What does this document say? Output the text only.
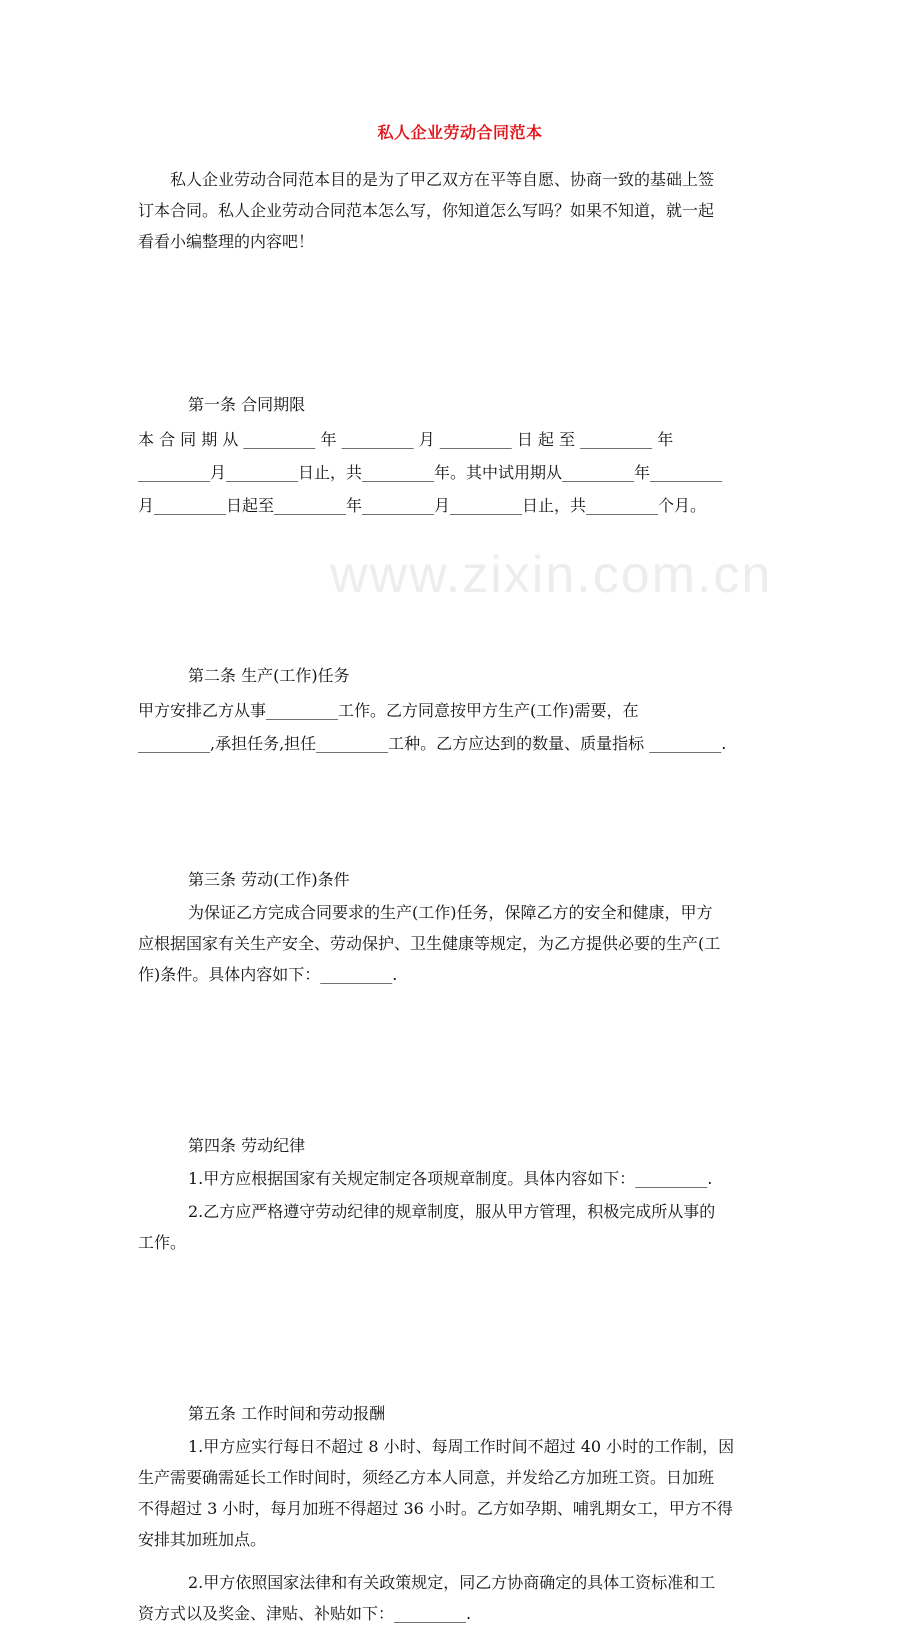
www.zixin.com.cn
私人企业劳动合同范本
私人企业劳动合同范本目的是为了甲乙双方在平等自愿、协商一致的基础上签
订本合同。私人企业劳动合同范本怎么写，你知道怎么写吗？如果不知道，就一起
看看小编整理的内容吧！
第一条 合同期限
本 合 同 期 从 _________ 年 _________ 月 _________ 日 起 至 _________ 年
_________月_________日止，共_________年。其中试用期从_________年_________
月_________日起至_________年_________月_________日止，共_________个月。
第二条 生产(工作)任务
甲方安排乙方从事_________工作。乙方同意按甲方生产(工作)需要，在
_________,承担任务,担任_________工种。乙方应达到的数量、质量指标 _________.
第三条 劳动(工作)条件
为保证乙方完成合同要求的生产(工作)任务，保障乙方的安全和健康，甲方
应根据国家有关生产安全、劳动保护、卫生健康等规定，为乙方提供必要的生产(工
作)条件。具体内容如下：_________.
第四条 劳动纪律
1.甲方应根据国家有关规定制定各项规章制度。具体内容如下：_________.
2.乙方应严格遵守劳动纪律的规章制度，服从甲方管理，积极完成所从事的
工作。
第五条 工作时间和劳动报酬
1.甲方应实行每日不超过 8 小时、每周工作时间不超过 40 小时的工作制，因
生产需要确需延长工作时间时，须经乙方本人同意，并发给乙方加班工资。日加班
不得超过 3 小时，每月加班不得超过 36 小时。乙方如孕期、哺乳期女工，甲方不得
安排其加班加点。
2.甲方依照国家法律和有关政策规定，同乙方协商确定的具体工资标准和工
资方式以及奖金、津贴、补贴如下：_________.
